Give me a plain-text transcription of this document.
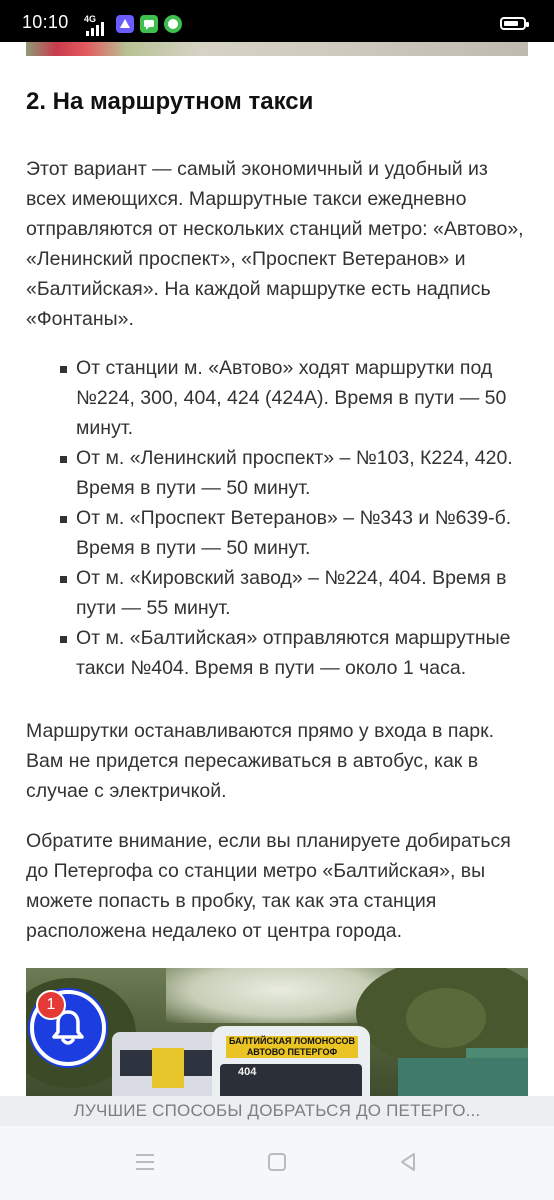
10:10 4G
2. На маршрутном такси

Этот вариант — самый экономичный и удобный из всех имеющихся. Маршрутные такси ежедневно отправляются от нескольких станций метро: «Автово», «Ленинский проспект», «Проспект Ветеранов» и «Балтийская». На каждой маршрутке есть надпись «Фонтаны».

От станции м. «Автово» ходят маршрутки под №224, 300, 404, 424 (424А). Время в пути — 50 минут.
От м. «Ленинский проспект» – №103, К224, 420. Время в пути — 50 минут.
От м. «Проспект Ветеранов» – №343 и №639-б. Время в пути — 50 минут.
От м. «Кировский завод» – №224, 404. Время в пути — 55 минут.
От м. «Балтийская» отправляются маршрутные такси №404. Время в пути — около 1 часа.

Маршрутки останавливаются прямо у входа в парк. Вам не придется пересаживаться в автобус, как в случае с электричкой.

Обратите внимание, если вы планируете добираться до Петергофа со станции метро «Балтийская», вы можете попасть в пробку, так как эта станция расположена недалеко от центра города.

БАЛТИЙСКАЯ ЛОМОНОСОВ АВТОВО ПЕТЕРГОФ
404
1
ЛУЧШИЕ СПОСОБЫ ДОБРАТЬСЯ ДО ПЕТЕРГО...
